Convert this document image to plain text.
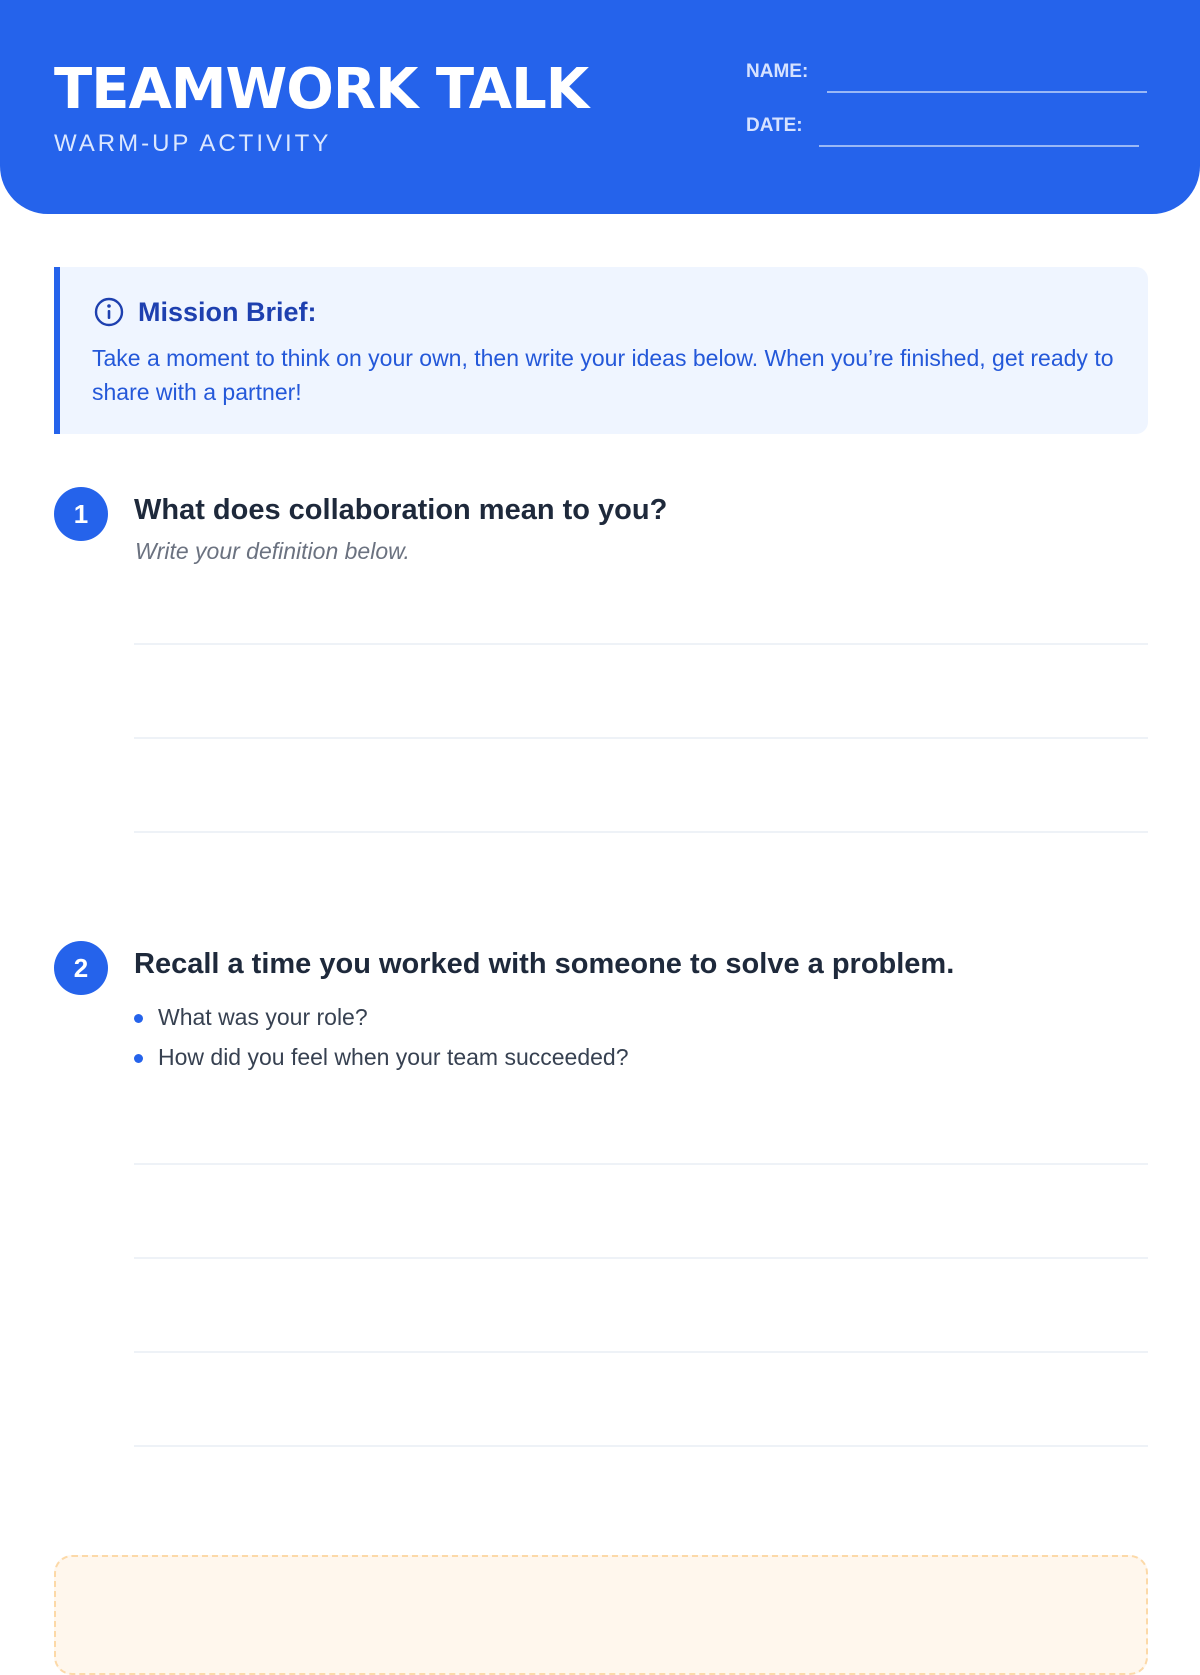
TEAMWORK TALK
WARM-UP ACTIVITY
NAME:
DATE:
Mission Brief:
Take a moment to think on your own, then write your ideas below. When you’re finished, get ready to share with a partner!
1	What does collaboration mean to you?
Write your definition below.
2	Recall a time you worked with someone to solve a problem.
What was your role?
How did you feel when your team succeeded?
